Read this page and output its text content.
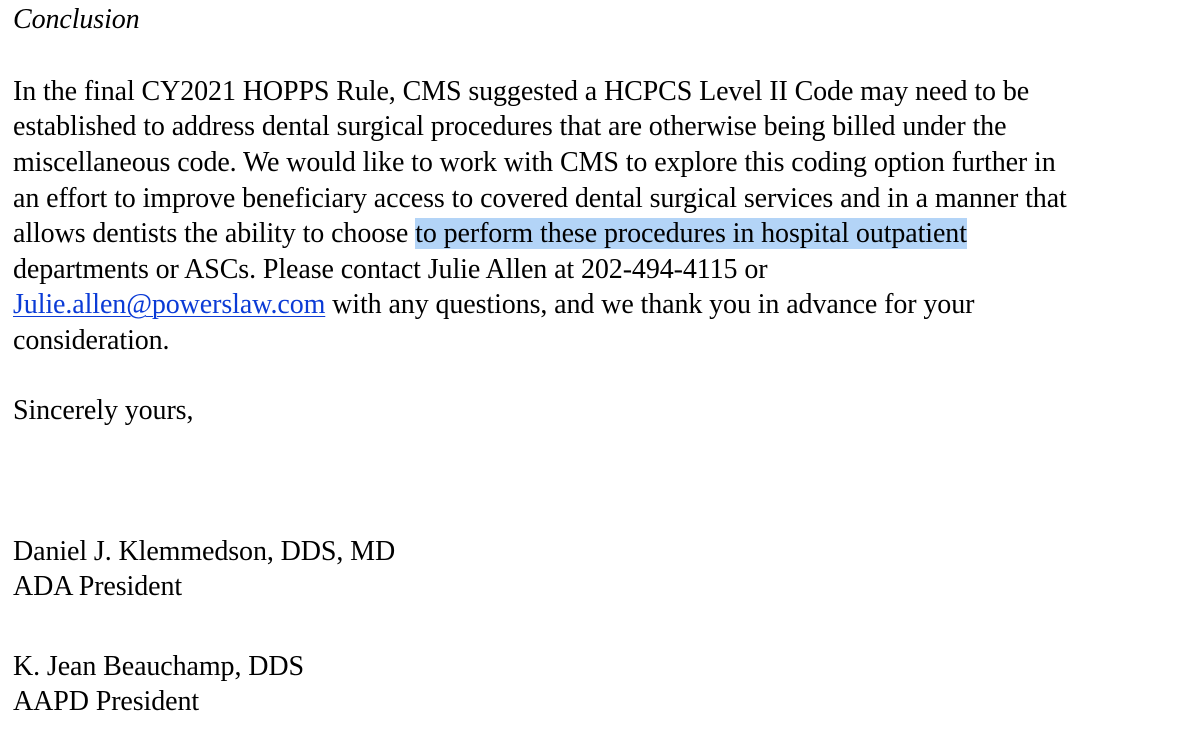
Conclusion
In the final CY2021 HOPPS Rule, CMS suggested a HCPCS Level II Code may need to be
established to address dental surgical procedures that are otherwise being billed under the
miscellaneous code. We would like to work with CMS to explore this coding option further in
an effort to improve beneficiary access to covered dental surgical services and in a manner that
allows dentists the ability to choose to perform these procedures in hospital outpatient
departments or ASCs. Please contact Julie Allen at 202-494-4115 or
Julie.allen@powerslaw.com with any questions, and we thank you in advance for your
consideration.
Sincerely yours,
Daniel J. Klemmedson, DDS, MD
ADA President
K. Jean Beauchamp, DDS
AAPD President
